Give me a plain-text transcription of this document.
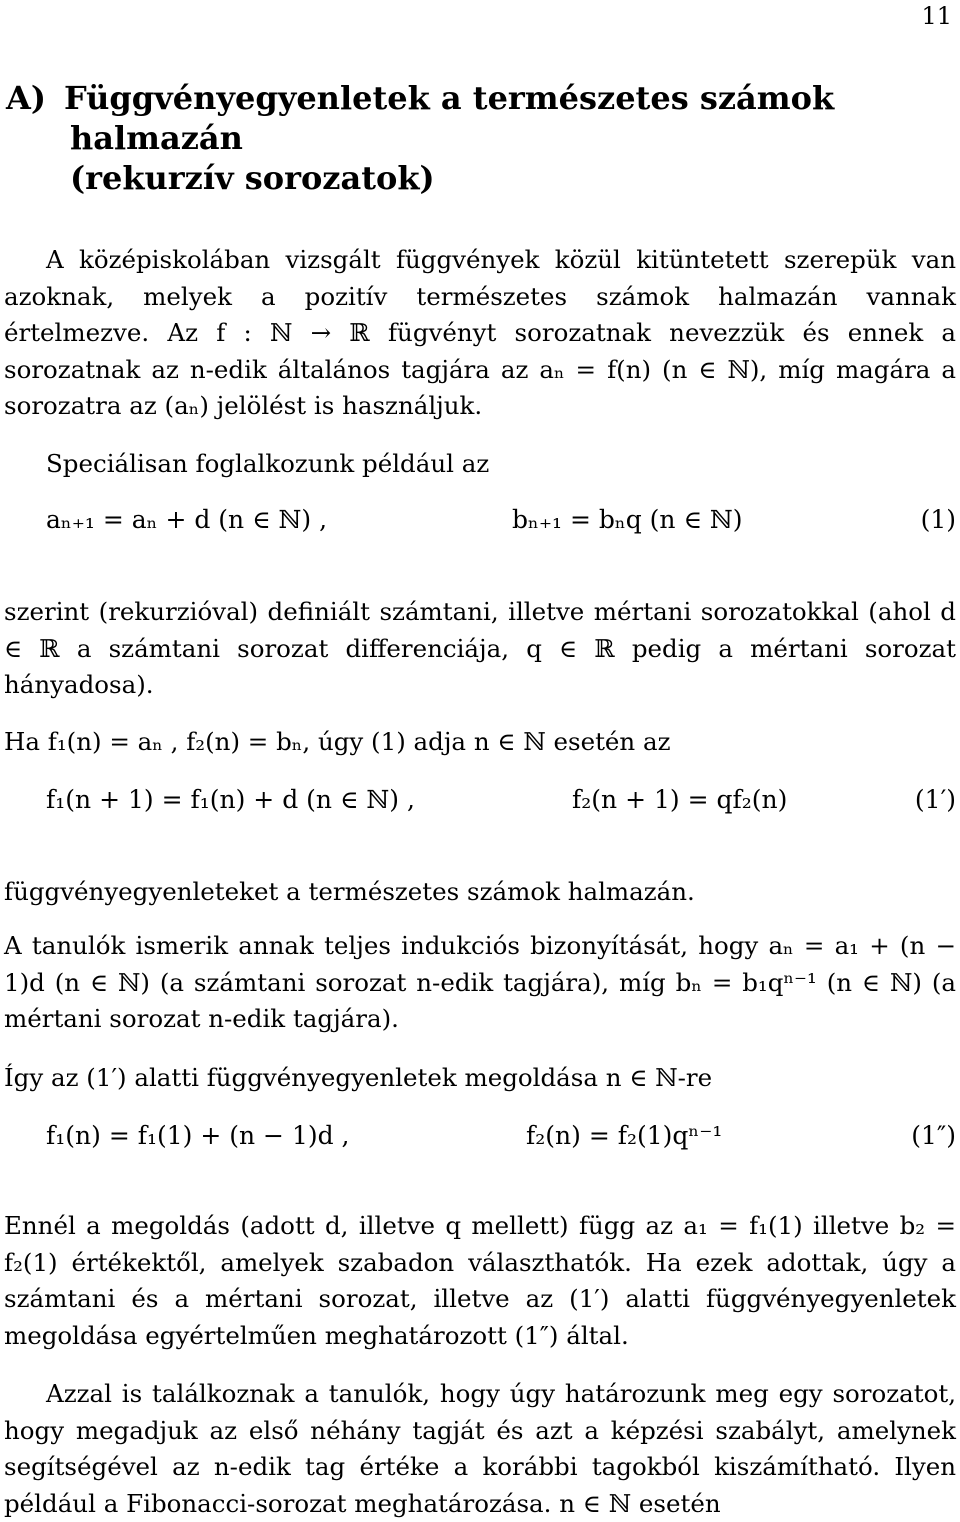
11
A) Függvényegyenletek a természetes számok
halmazán
(rekurzív sorozatok)

A középiskolában vizsgált függvények közül kitüntetett szerepük van azoknak, melyek a pozitív természetes számok halmazán vannak értelmezve. Az f : ℕ → ℝ fügvényt sorozatnak nevezzük és ennek a sorozatnak az n-edik általános tagjára az aₙ = f(n) (n ∈ ℕ), míg magára a sorozatra az (aₙ) jelölést is használjuk.

Speciálisan foglalkozunk például az

aₙ₊₁ = aₙ + d (n ∈ ℕ) ,	bₙ₊₁ = bₙq (n ∈ ℕ)	(1)

szerint (rekurzióval) definiált számtani, illetve mértani sorozatokkal (ahol d ∈ ℝ a számtani sorozat differenciája, q ∈ ℝ pedig a mértani sorozat hányadosa).

Ha f₁(n) = aₙ , f₂(n) = bₙ, úgy (1) adja n ∈ ℕ esetén az

f₁(n + 1) = f₁(n) + d (n ∈ ℕ) ,	f₂(n + 1) = qf₂(n)	(1′)

függvényegyenleteket a természetes számok halmazán.

A tanulók ismerik annak teljes indukciós bizonyítását, hogy aₙ = a₁ + (n − 1)d (n ∈ ℕ) (a számtani sorozat n-edik tagjára), míg bₙ = b₁qⁿ⁻¹ (n ∈ ℕ) (a mértani sorozat n-edik tagjára).

Így az (1′) alatti függvényegyenletek megoldása n ∈ ℕ-re

f₁(n) = f₁(1) + (n − 1)d ,	f₂(n) = f₂(1)qⁿ⁻¹	(1″)

Ennél a megoldás (adott d, illetve q mellett) függ az a₁ = f₁(1) illetve b₂ = f₂(1) értékektől, amelyek szabadon választhatók. Ha ezek adottak, úgy a számtani és a mértani sorozat, illetve az (1′) alatti függvényegyenletek megoldása egyértelműen meghatározott (1″) által.

Azzal is találkoznak a tanulók, hogy úgy határozunk meg egy sorozatot, hogy megadjuk az első néhány tagját és azt a képzési szabályt, amelynek segítségével az n-edik tag értéke a korábbi tagokból kiszámítható. Ilyen például a Fibonacci-sorozat meghatározása. n ∈ ℕ esetén
